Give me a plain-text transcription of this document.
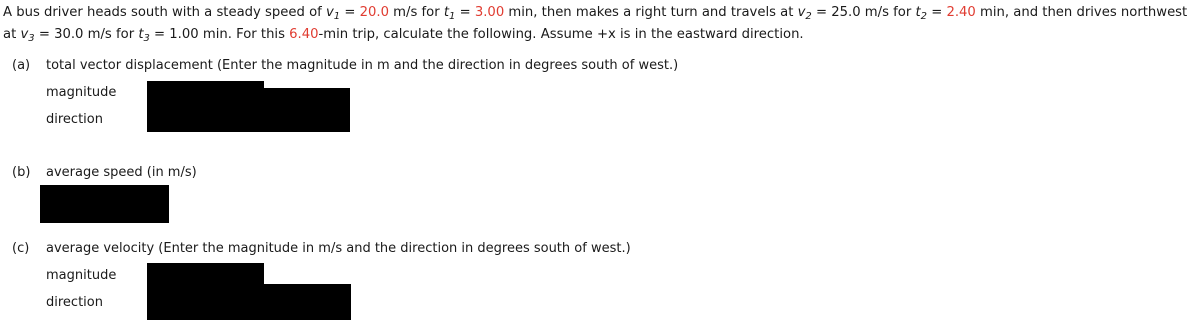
A bus driver heads south with a steady speed of $v_1 = 20.0$ m/s for $t_1 = 3.00$ min, then makes a right turn and travels at $v_2 = 25.0$ m/s for $t_2 = 2.40$ min, and then drives northwest at $v_3 = 30.0$ m/s for $t_3 = 1.00$ min. For this 6.40-min trip, calculate the following. Assume +x is in the eastward direction.
(a) total vector displacement (Enter the magnitude in m and the direction in degrees south of west.)
magnitude
direction
(b) average speed (in m/s)
(c) average velocity (Enter the magnitude in m/s and the direction in degrees south of west.)
magnitude
direction
